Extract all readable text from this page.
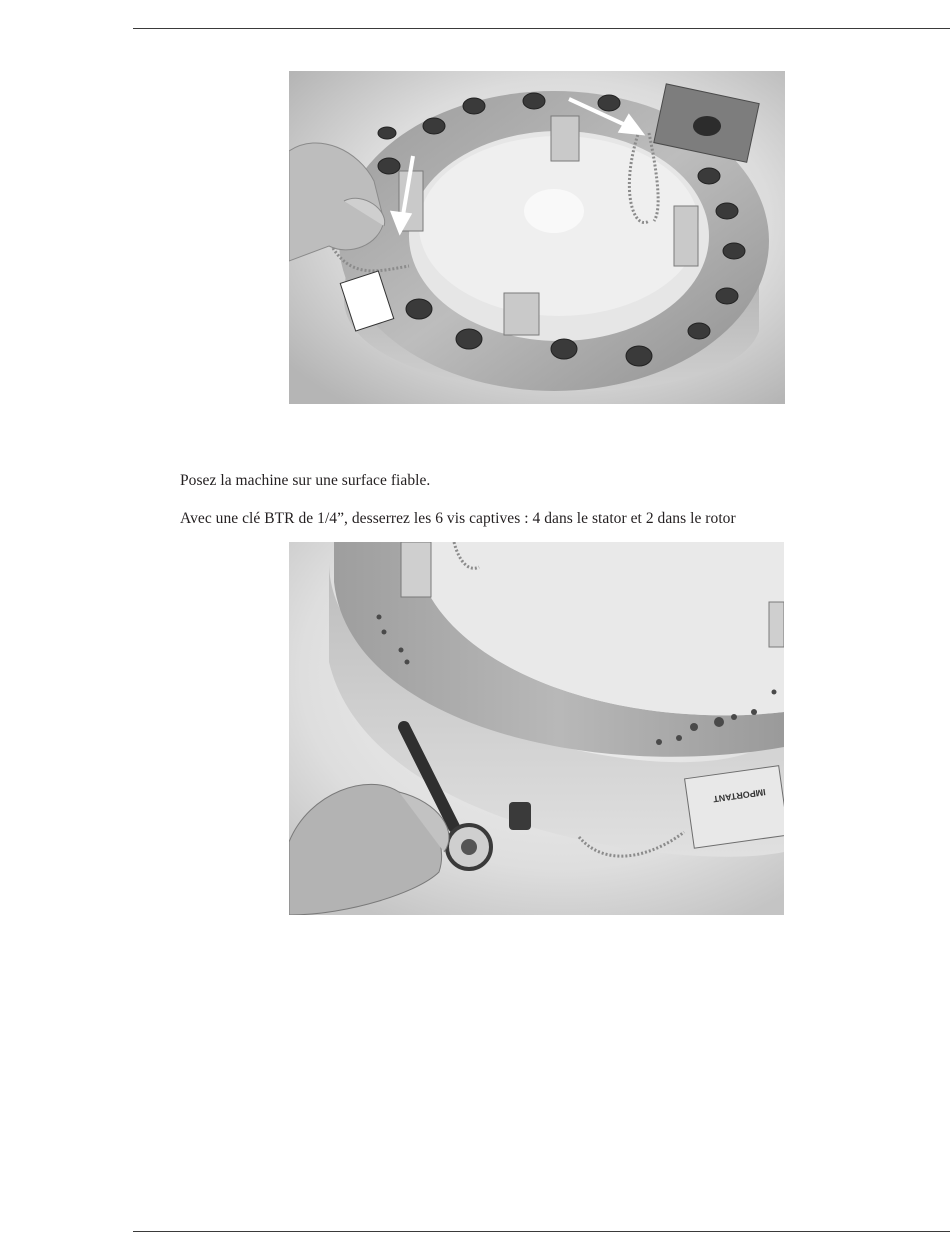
Posez la machine sur une surface fiable.

Avec une clé BTR de 1/4”, desserrez les 6 vis captives : 4 dans le stator et 2 dans le rotor

IMPORTANT
